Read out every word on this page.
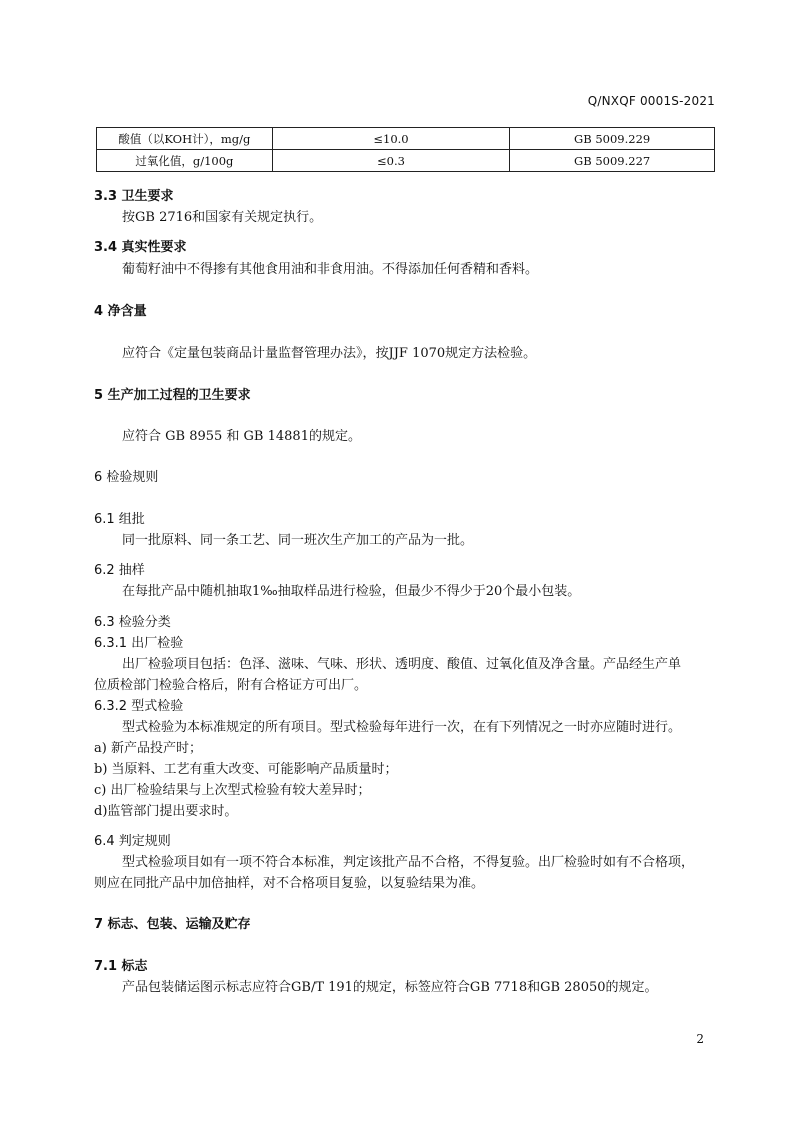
Q/NXQF 0001S-2021
酸值（以KOH计），mg/g	≤10.0	GB 5009.229
过氧化值，g/100g	≤0.3	GB 5009.227
3.3 卫生要求
按GB 2716和国家有关规定执行。
3.4 真实性要求
葡萄籽油中不得掺有其他食用油和非食用油。不得添加任何香精和香料。
4 净含量
应符合《定量包装商品计量监督管理办法》，按JJF 1070规定方法检验。
5 生产加工过程的卫生要求
应符合 GB 8955 和 GB 14881的规定。
6 检验规则
6.1 组批
同一批原料、同一条工艺、同一班次生产加工的产品为一批。
6.2 抽样
在每批产品中随机抽取1‰抽取样品进行检验，但最少不得少于20个最小包装。
6.3 检验分类
6.3.1 出厂检验
出厂检验项目包括：色泽、滋味、气味、形状、透明度、酸值、过氧化值及净含量。产品经生产单
位质检部门检验合格后，附有合格证方可出厂。
6.3.2 型式检验
型式检验为本标准规定的所有项目。型式检验每年进行一次，在有下列情况之一时亦应随时进行。
a) 新产品投产时；
b) 当原料、工艺有重大改变、可能影响产品质量时；
c) 出厂检验结果与上次型式检验有较大差异时；
d)监管部门提出要求时。
6.4 判定规则
型式检验项目如有一项不符合本标准，判定该批产品不合格，不得复验。出厂检验时如有不合格项，
则应在同批产品中加倍抽样，对不合格项目复验，以复验结果为准。
7 标志、包装、运输及贮存
7.1 标志
产品包装储运图示标志应符合GB/T 191的规定，标签应符合GB 7718和GB 28050的规定。
2
